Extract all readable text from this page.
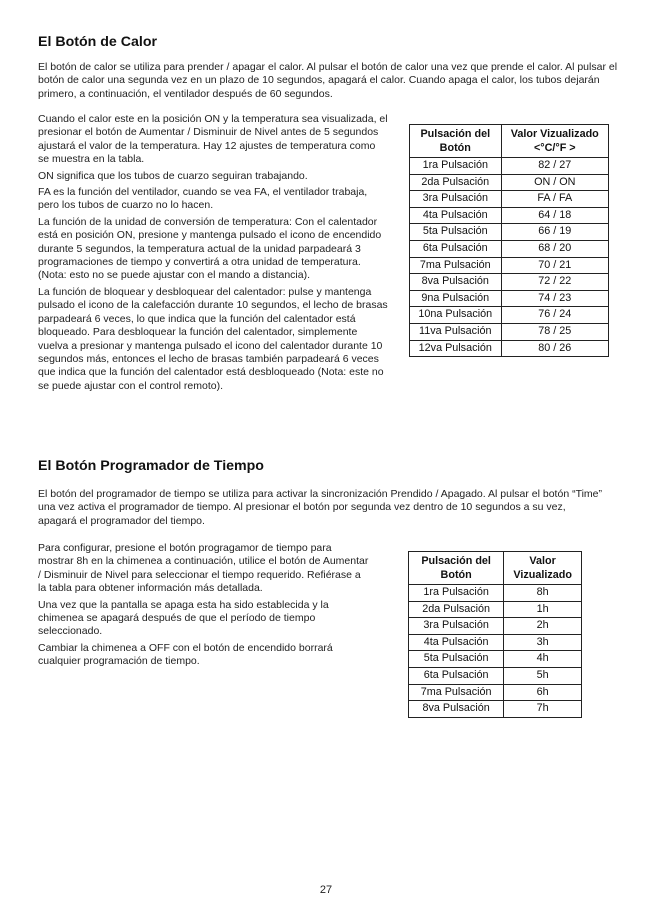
El Botón de Calor

El botón de calor se utiliza para prender / apagar el calor. Al pulsar el botón de calor una vez que prende el calor. Al pulsar el botón de calor una segunda vez en un plazo de 10 segundos, apagará el calor. Cuando apaga el calor, los tubos dejarán primero, a continuación, el ventilador después de 60 segundos.

Cuando el calor este en la posición ON y la temperatura sea visualizada, el presionar el botón de Aumentar / Disminuir de Nivel antes de 5 segundos ajustará el valor de la temperatura. Hay 12 ajustes de temperatura como se muestra en la tabla.

ON significa que los tubos de cuarzo seguiran trabajando.

FA es la función del ventilador, cuando se vea FA, el ventilador trabaja, pero los tubos de cuarzo no lo hacen.

La función de la unidad de conversión de temperatura: Con el calentador está en posición ON, presione y mantenga pulsado el icono de encendido durante 5 segundos, la temperatura actual de la unidad parpadeará 3 programaciones de tiempo y convertirá a otra unidad de temperatura. (Nota: esto no se puede ajustar con el mando a distancia).

La función de bloquear y desbloquear del calentador: pulse y mantenga pulsado el icono de la calefacción durante 10 segundos, el lecho de brasas parpadeará 6 veces, lo que indica que la función del calentador está bloqueado. Para desbloquear la función del calentador, simplemente vuelva a presionar y mantenga pulsado el icono del calentador durante 10 segundos más, entonces el lecho de brasas también parpadeará 6 veces que indica que la función del calentador está desbloqueado (Nota: este no se puede ajustar con el control remoto).

Pulsación del Botón	Valor Vizualizado <°C/°F >
1ra Pulsación	82 / 27
2da Pulsación	ON / ON
3ra Pulsación	FA / FA
4ta Pulsación	64 / 18
5ta Pulsación	66 / 19
6ta Pulsación	68 / 20
7ma Pulsación	70 / 21
8va Pulsación	72 / 22
9na Pulsación	74 / 23
10na Pulsación	76 / 24
11va Pulsación	78 / 25
12va Pulsación	80 / 26
El Botón Programador de Tiempo

El botón del programador de tiempo se utiliza para activar la sincronización Prendido / Apagado. Al pulsar el botón “Time” una vez activa el programador de tiempo. Al presionar el botón por segunda vez dentro de 10 segundos a su vez, apagará el programador del tiempo.

Para configurar, presione el botón progragamor de tiempo para mostrar 8h en la chimenea a continuación, utilice el botón de Aumentar / Disminuir de Nivel para seleccionar el tiempo requerido. Refiérase a la tabla para obtener información más detallada.

Una vez que la pantalla se apaga esta ha sido establecida y la chimenea se apagará después de que el período de tiempo seleccionado.

Cambiar la chimenea a OFF con el botón de encendido borrará cualquier programación de tiempo.

Pulsación del Botón	Valor Vizualizado
1ra Pulsación	8h
2da Pulsación	1h
3ra Pulsación	2h
4ta Pulsación	3h
5ta Pulsación	4h
6ta Pulsación	5h
7ma Pulsación	6h
8va Pulsación	7h
27
